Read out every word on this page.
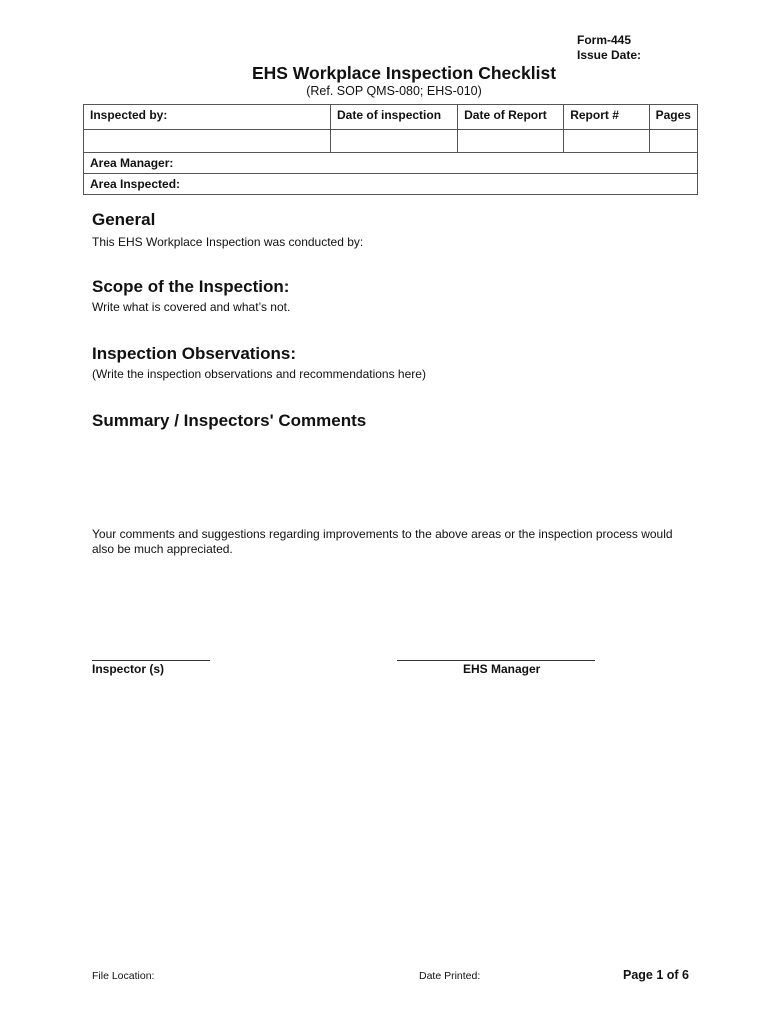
Form-445
Issue Date:
EHS Workplace Inspection Checklist
(Ref. SOP QMS-080; EHS-010)
Inspected by:	Date of inspection	Date of Report	Report #	Pages

Area Manager:				
Area Inspected:				
General
This EHS Workplace Inspection was conducted by:
Scope of the Inspection:
Write what is covered and what’s not.
Inspection Observations:
(Write the inspection observations and recommendations here)
Summary / Inspectors' Comments
Your comments and suggestions regarding improvements to the above areas or the inspection process would also be much appreciated.
Inspector (s)	EHS Manager
File Location:	Date Printed:	Page 1 of 6
